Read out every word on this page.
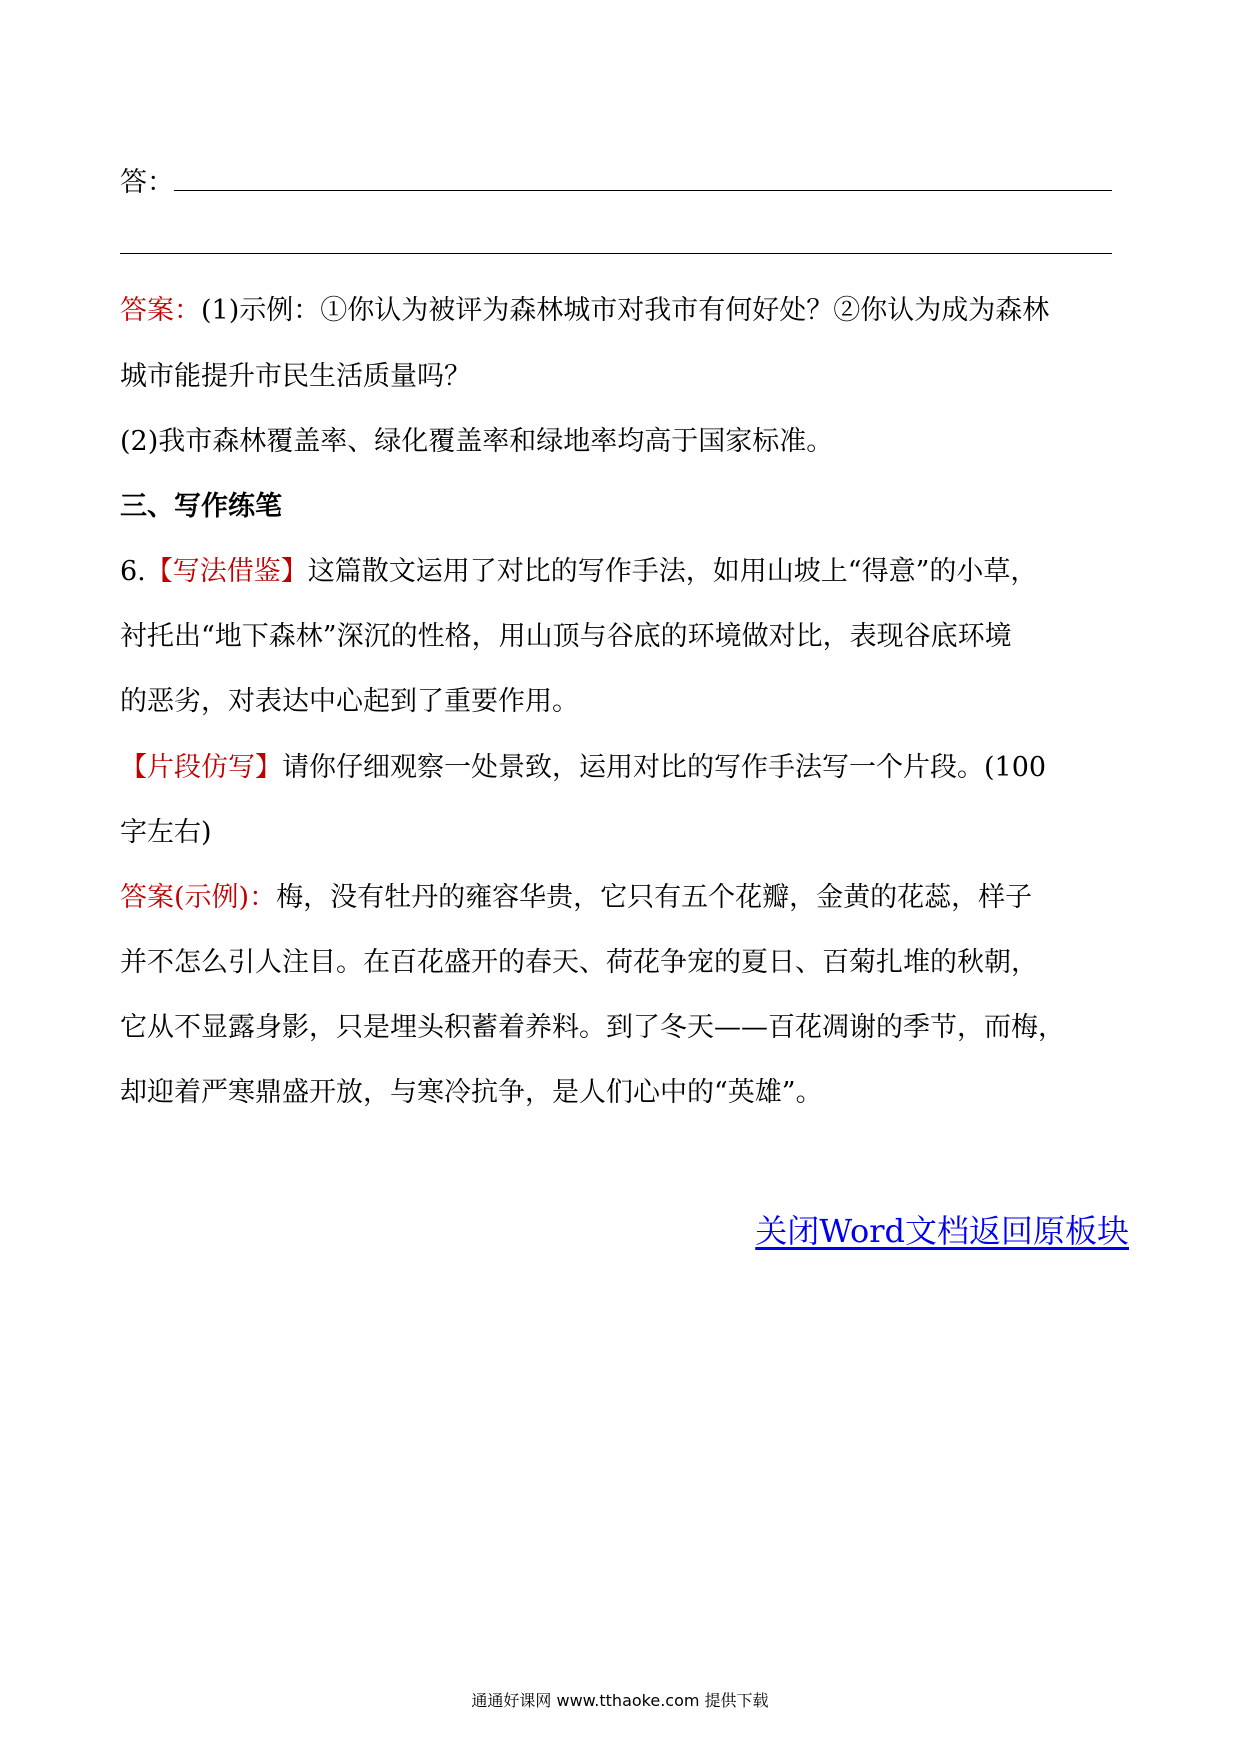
答：
答案：(1)示例：①你认为被评为森林城市对我市有何好处？②你认为成为森林
城市能提升市民生活质量吗？
(2)我市森林覆盖率、绿化覆盖率和绿地率均高于国家标准。
三、写作练笔
6.【写法借鉴】这篇散文运用了对比的写作手法，如用山坡上“得意”的小草，
衬托出“地下森林”深沉的性格，用山顶与谷底的环境做对比，表现谷底环境
的恶劣，对表达中心起到了重要作用。
【片段仿写】请你仔细观察一处景致，运用对比的写作手法写一个片段。(100
字左右)
答案(示例)：梅，没有牡丹的雍容华贵，它只有五个花瓣，金黄的花蕊，样子
并不怎么引人注目。在百花盛开的春天、荷花争宠的夏日、百菊扎堆的秋朝，
它从不显露身影，只是埋头积蓄着养料。到了冬天——百花凋谢的季节，而梅，
却迎着严寒鼎盛开放，与寒冷抗争，是人们心中的“英雄”。
关闭Word文档返回原板块
通通好课网 www.tthaoke.com 提供下载
